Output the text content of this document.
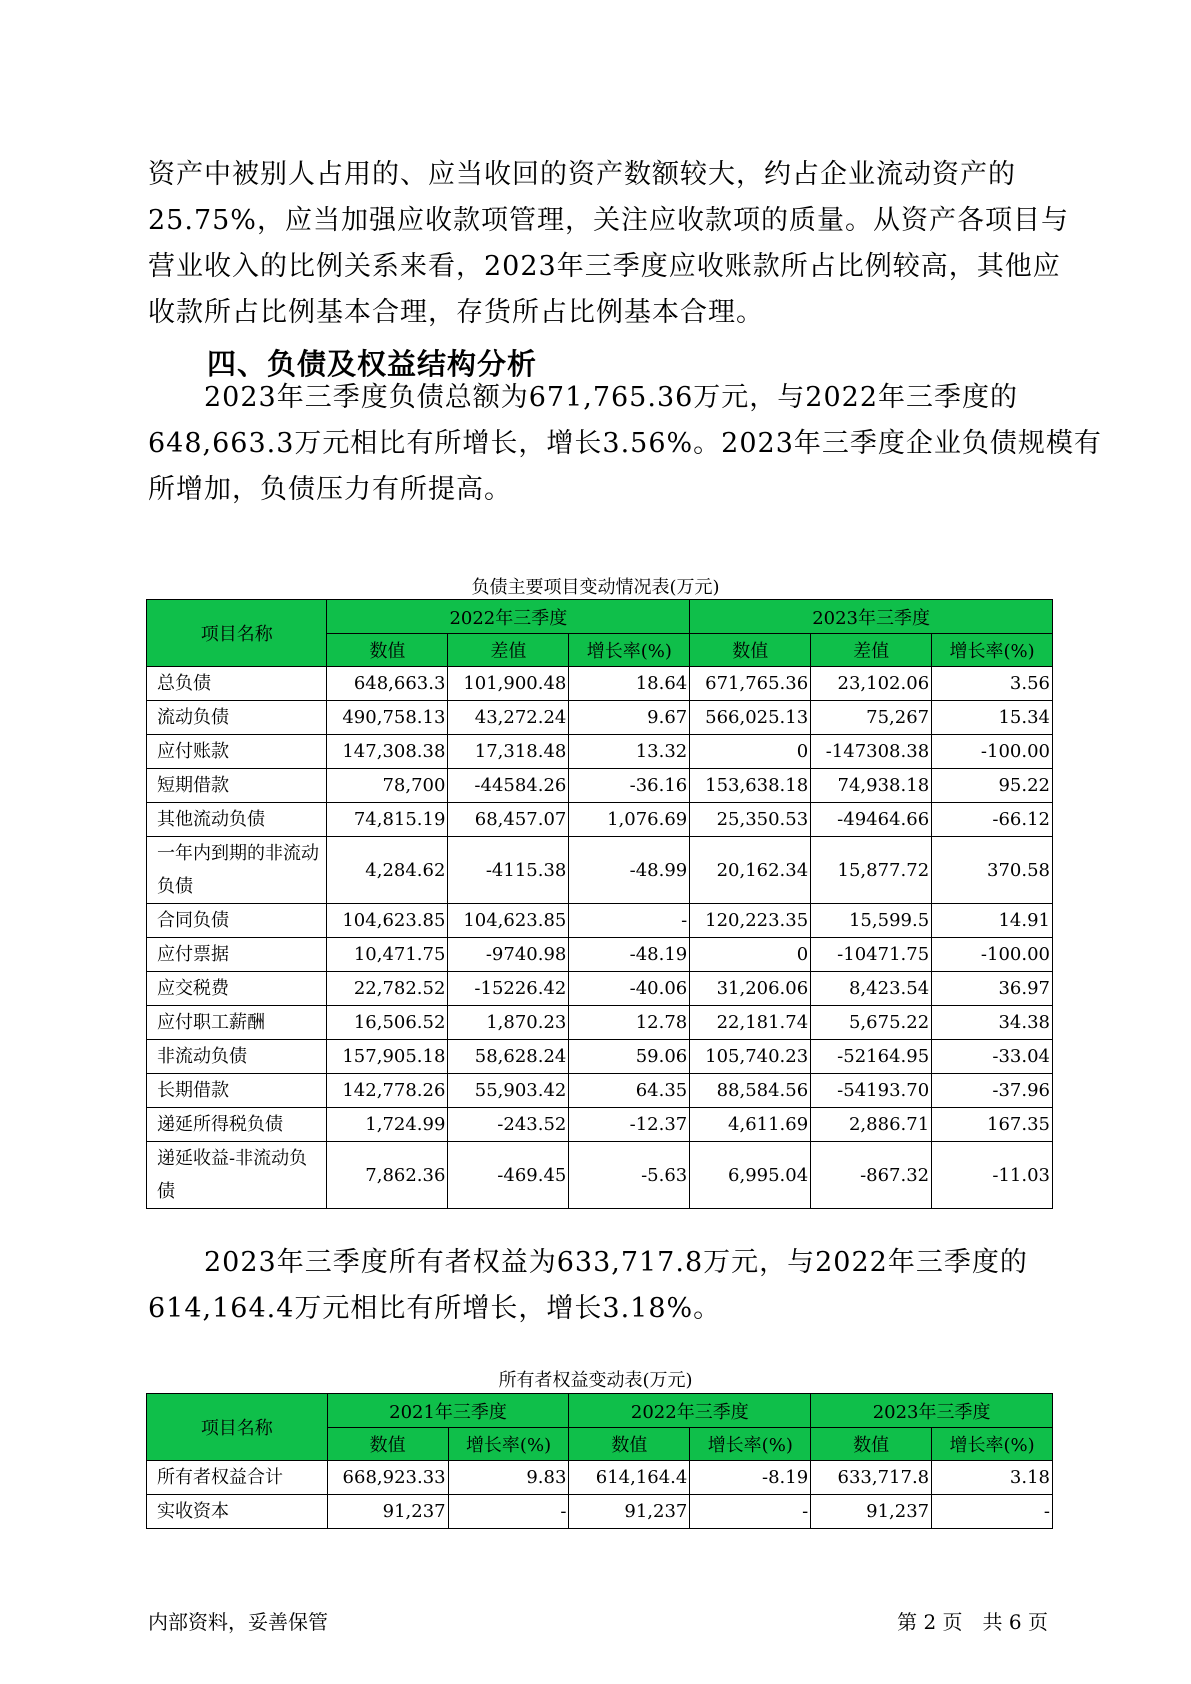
资产中被别人占用的、应当收回的资产数额较大，约占企业流动资产的
25.75%，应当加强应收款项管理，关注应收款项的质量。从资产各项目与
营业收入的比例关系来看，2023年三季度应收账款所占比例较高，其他应
收款所占比例基本合理，存货所占比例基本合理。

四、负债及权益结构分析

　　2023年三季度负债总额为671,765.36万元，与2022年三季度的
648,663.3万元相比有所增长，增长3.56%。2023年三季度企业负债规模有
所增加，负债压力有所提高。

负债主要项目变动情况表(万元)

项目名称	2022年三季度			2023年三季度		
	数值	差值	增长率(%)	数值	差值	增长率(%)
总负债	648,663.3	101,900.48	18.64	671,765.36	23,102.06	3.56
流动负债	490,758.13	43,272.24	9.67	566,025.13	75,267	15.34
应付账款	147,308.38	17,318.48	13.32	0	-147308.38	-100.00
短期借款	78,700	-44584.26	-36.16	153,638.18	74,938.18	95.22
其他流动负债	74,815.19	68,457.07	1,076.69	25,350.53	-49464.66	-66.12
一年内到期的非流动负债	4,284.62	-4115.38	-48.99	20,162.34	15,877.72	370.58
合同负债	104,623.85	104,623.85	-	120,223.35	15,599.5	14.91
应付票据	10,471.75	-9740.98	-48.19	0	-10471.75	-100.00
应交税费	22,782.52	-15226.42	-40.06	31,206.06	8,423.54	36.97
应付职工薪酬	16,506.52	1,870.23	12.78	22,181.74	5,675.22	34.38
非流动负债	157,905.18	58,628.24	59.06	105,740.23	-52164.95	-33.04
长期借款	142,778.26	55,903.42	64.35	88,584.56	-54193.70	-37.96
递延所得税负债	1,724.99	-243.52	-12.37	4,611.69	2,886.71	167.35
递延收益-非流动负债	7,862.36	-469.45	-5.63	6,995.04	-867.32	-11.03

　　2023年三季度所有者权益为633,717.8万元，与2022年三季度的
614,164.4万元相比有所增长，增长3.18%。

所有者权益变动表(万元)

项目名称	2021年三季度		2022年三季度		2023年三季度	
	数值	增长率(%)	数值	增长率(%)	数值	增长率(%)
所有者权益合计	668,923.33	9.83	614,164.4	-8.19	633,717.8	3.18
实收资本	91,237	-	91,237	-	91,237	-

内部资料，妥善保管	第 2 页　共 6 页
